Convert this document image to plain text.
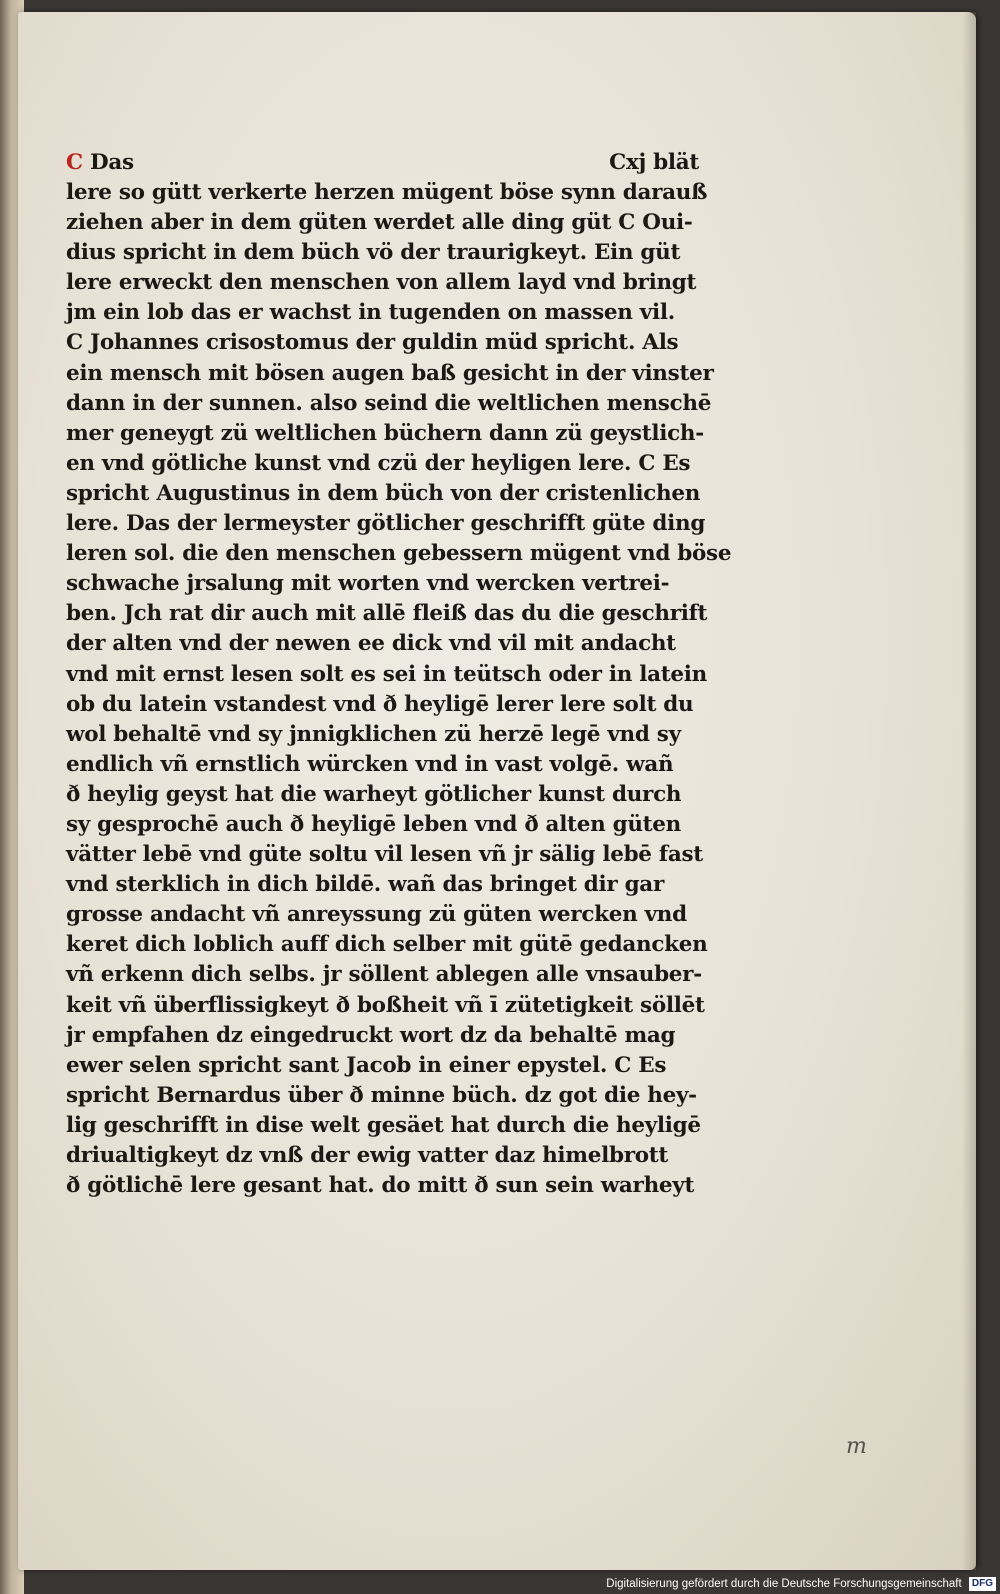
C Das	Cxj blät
lere so gütt verkerte herzen mügent böse synn darauß
ziehen aber in dem güten werdet alle ding güt C Oui-
dius spricht in dem büch vö der traurigkeyt. Ein güt
lere erweckt den menschen von allem layd vnd bringt
jm ein lob das er wachst in tugenden on massen vil.
C Johannes crisostomus der guldin müd spricht. Als
ein mensch mit bösen augen baß gesicht in der vinster
dann in der sunnen. also seind die weltlichen menschē
mer geneygt zü weltlichen büchern dann zü geystlich-
en vnd götliche kunst vnd czü der heyligen lere. C Es
spricht Augustinus in dem büch von der cristenlichen
lere. Das der lermeyster götlicher geschrifft güte ding
leren sol. die den menschen gebessern mügent vnd böse
schwache jrsalung mit worten vnd wercken vertrei-
ben. Jch rat dir auch mit allē fleiß das du die geschrift
der alten vnd der newen ee dick vnd vil mit andacht
vnd mit ernst lesen solt es sei in teütsch oder in latein
ob du latein vstandest vnd ð heyligē lerer lere solt du
wol behaltē vnd sy jnnigklichen zü herzē legē vnd sy
endlich vñ ernstlich würcken vnd in vast volgē. wañ
ð heylig geyst hat die warheyt götlicher kunst durch
sy gesprochē auch ð heyligē leben vnd ð alten güten
vätter lebē vnd güte soltu vil lesen vñ jr sälig lebē fast
vnd sterklich in dich bildē. wañ das bringet dir gar
grosse andacht vñ anreyssung zü güten wercken vnd
keret dich loblich auff dich selber mit gütē gedancken
vñ erkenn dich selbs. jr söllent ablegen alle vnsauber-
keit vñ überflissigkeyt ð boßheit vñ ī zütetigkeit söllēt
jr empfahen dz eingedruckt wort dz da behaltē mag
ewer selen spricht sant Jacob in einer epystel. C Es
spricht Bernardus über ð minne büch. dz got die hey-
lig geschrifft in dise welt gesäet hat durch die heyligē
driualtigkeyt dz vnß der ewig vatter daz himelbrott
ð götlichē lere gesant hat. do mitt ð sun sein warheyt
m
Digitalisierung gefördert durch die Deutsche Forschungsgemeinschaft DFG
